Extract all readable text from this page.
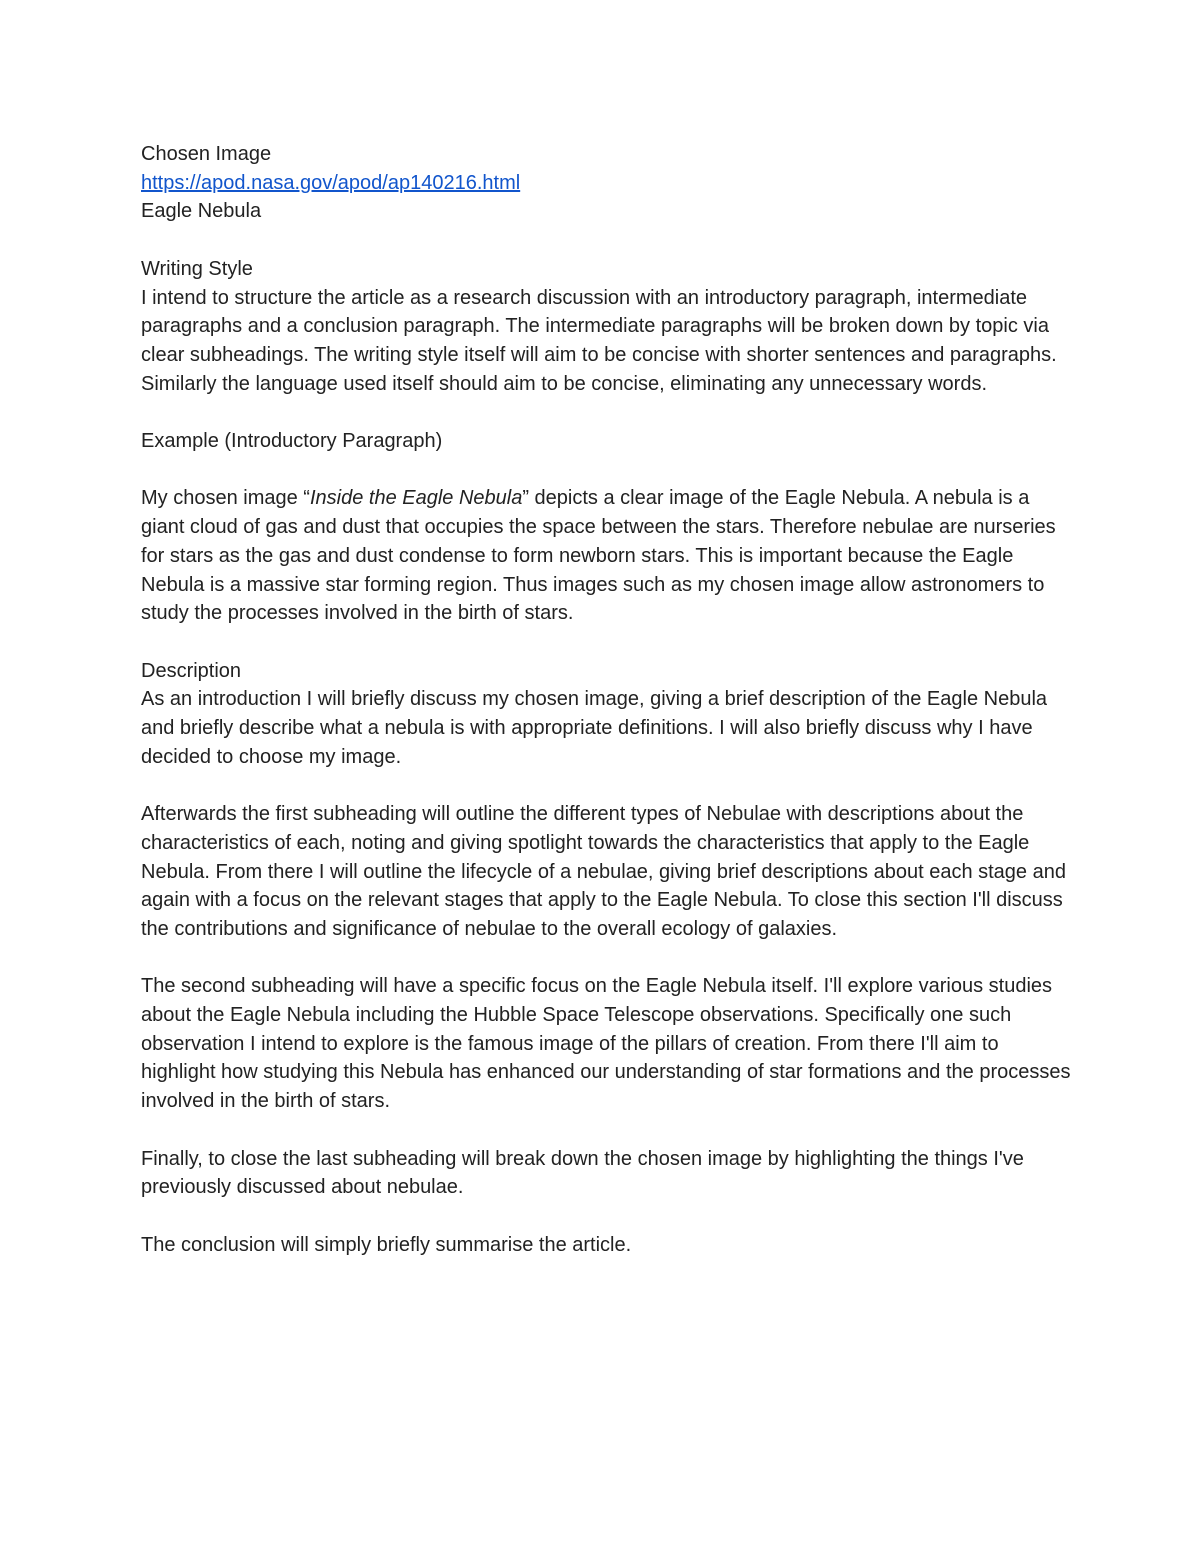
Chosen Image

https://apod.nasa.gov/apod/ap140216.html

Eagle Nebula

Writing Style

I intend to structure the article as a research discussion with an introductory paragraph, intermediate paragraphs and a conclusion paragraph. The intermediate paragraphs will be broken down by topic via clear subheadings. The writing style itself will aim to be concise with shorter sentences and paragraphs. Similarly the language used itself should aim to be concise, eliminating any unnecessary words.

Example (Introductory Paragraph)

My chosen image “Inside the Eagle Nebula” depicts a clear image of the Eagle Nebula. A nebula is a giant cloud of gas and dust that occupies the space between the stars. Therefore nebulae are nurseries for stars as the gas and dust condense to form newborn stars. This is important because the Eagle Nebula is a massive star forming region. Thus images such as my chosen image allow astronomers to study the processes involved in the birth of stars.

Description

As an introduction I will briefly discuss my chosen image, giving a brief description of the Eagle Nebula and briefly describe what a nebula is with appropriate definitions. I will also briefly discuss why I have decided to choose my image.

Afterwards the first subheading will outline the different types of Nebulae with descriptions about the characteristics of each, noting and giving spotlight towards the characteristics that apply to the Eagle Nebula. From there I will outline the lifecycle of a nebulae, giving brief descriptions about each stage and again with a focus on the relevant stages that apply to the Eagle Nebula. To close this section I'll discuss the contributions and significance of nebulae to the overall ecology of galaxies.

The second subheading will have a specific focus on the Eagle Nebula itself. I'll explore various studies about the Eagle Nebula including the Hubble Space Telescope observations. Specifically one such observation I intend to explore is the famous image of the pillars of creation. From there I'll aim to highlight how studying this Nebula has enhanced our understanding of star formations and the processes involved in the birth of stars.

Finally, to close the last subheading will break down the chosen image by highlighting the things I've previously discussed about nebulae.

The conclusion will simply briefly summarise the article.
